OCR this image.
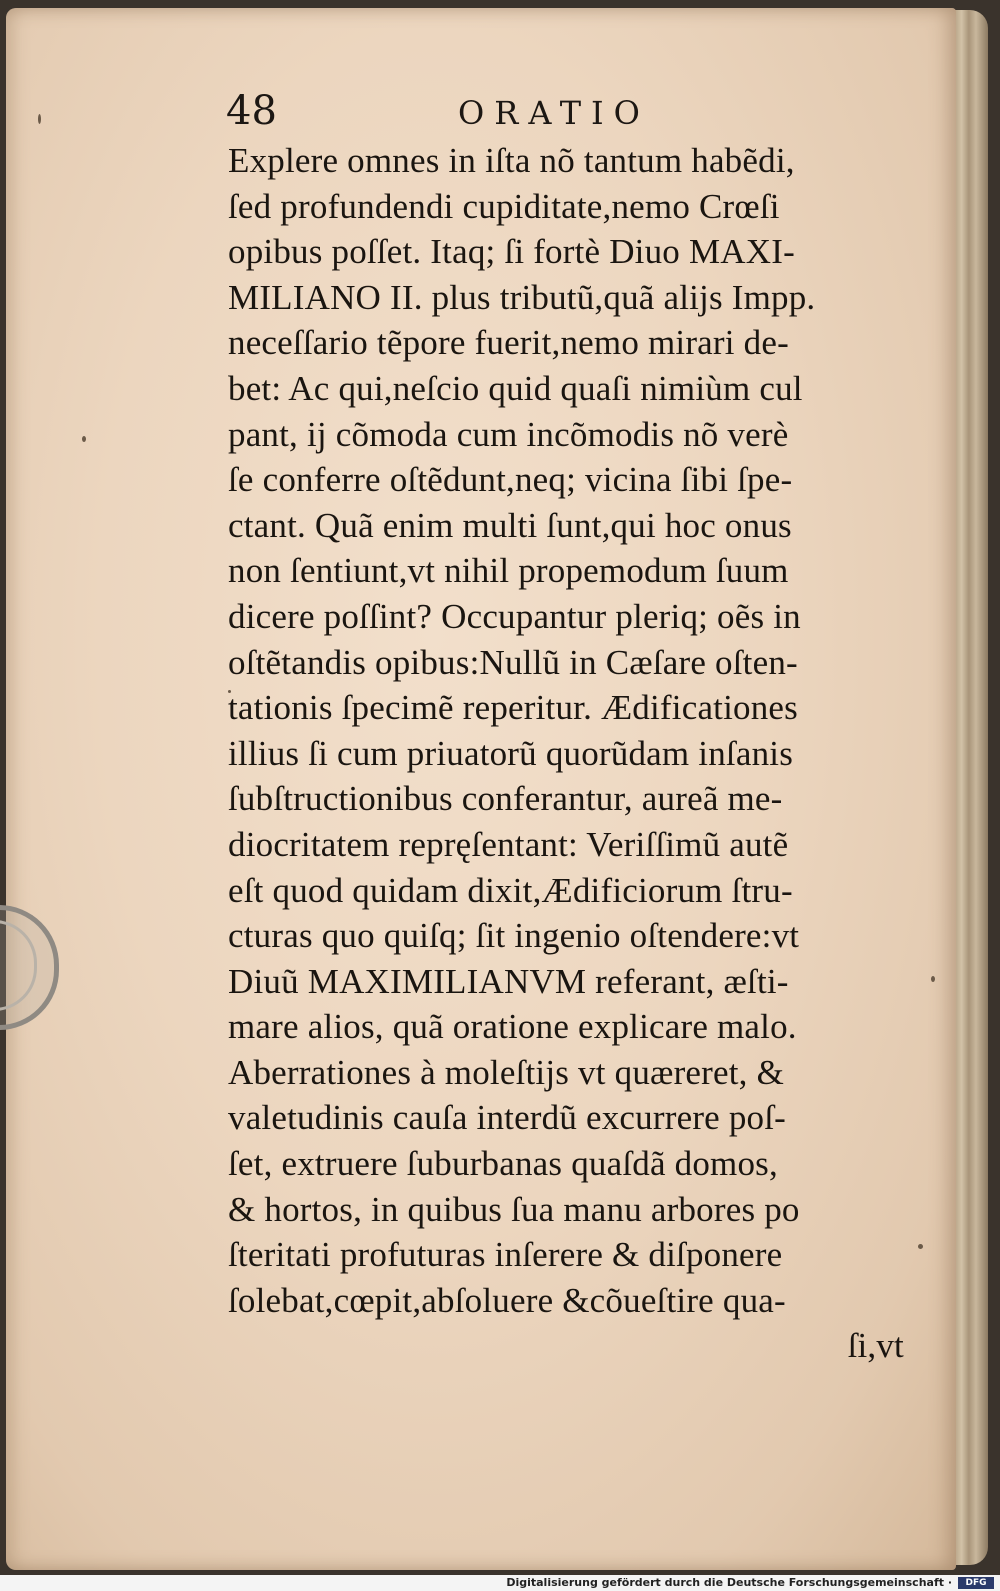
48	ORATIO
Explere omnes in iſta nõ tantum habẽdi,
ſed profundendi cupiditate,nemo Crœſi
opibus poſſet. Itaq; ſi fortè Diuo MAXI-
MILIANO II. plus tributũ,quã alijs Impp.
neceſſario tẽpore fuerit,nemo mirari de-
bet: Ac qui,neſcio quid quaſi nimiùm cul
pant, ij cõmoda cum incõmodis nõ verè
ſe conferre oſtẽdunt,neq; vicina ſibi ſpe-
ctant. Quã enim multi ſunt,qui hoc onus
non ſentiunt,vt nihil propemodum ſuum
dicere poſſint? Occupantur pleriq; oẽs in
oſtẽtandis opibus:Nullũ in Cæſare oſten-
tationis ſpecimẽ reperitur. Ædificationes
illius ſi cum priuatorũ quorũdam inſanis
ſubſtructionibus conferantur, aureã me-
diocritatem repręſentant: Veriſſimũ autẽ
eſt quod quidam dixit,Ædificiorum ſtru-
cturas quo quiſq; ſit ingenio oſtendere:vt
Diuũ MAXIMILIANVM referant, æſti-
mare alios, quã oratione explicare malo.
Aberrationes à moleſtijs vt quæreret, &
valetudinis cauſa interdũ excurrere poſ-
ſet, extruere ſuburbanas quaſdã domos,
& hortos, in quibus ſua manu arbores po
ſteritati profuturas inſerere & diſponere
ſolebat,cœpit,abſoluere &cõueſtire qua-
ſi,vt
Digitalisierung gefördert durch die Deutsche Forschungsgemeinschaft ·	DFG
